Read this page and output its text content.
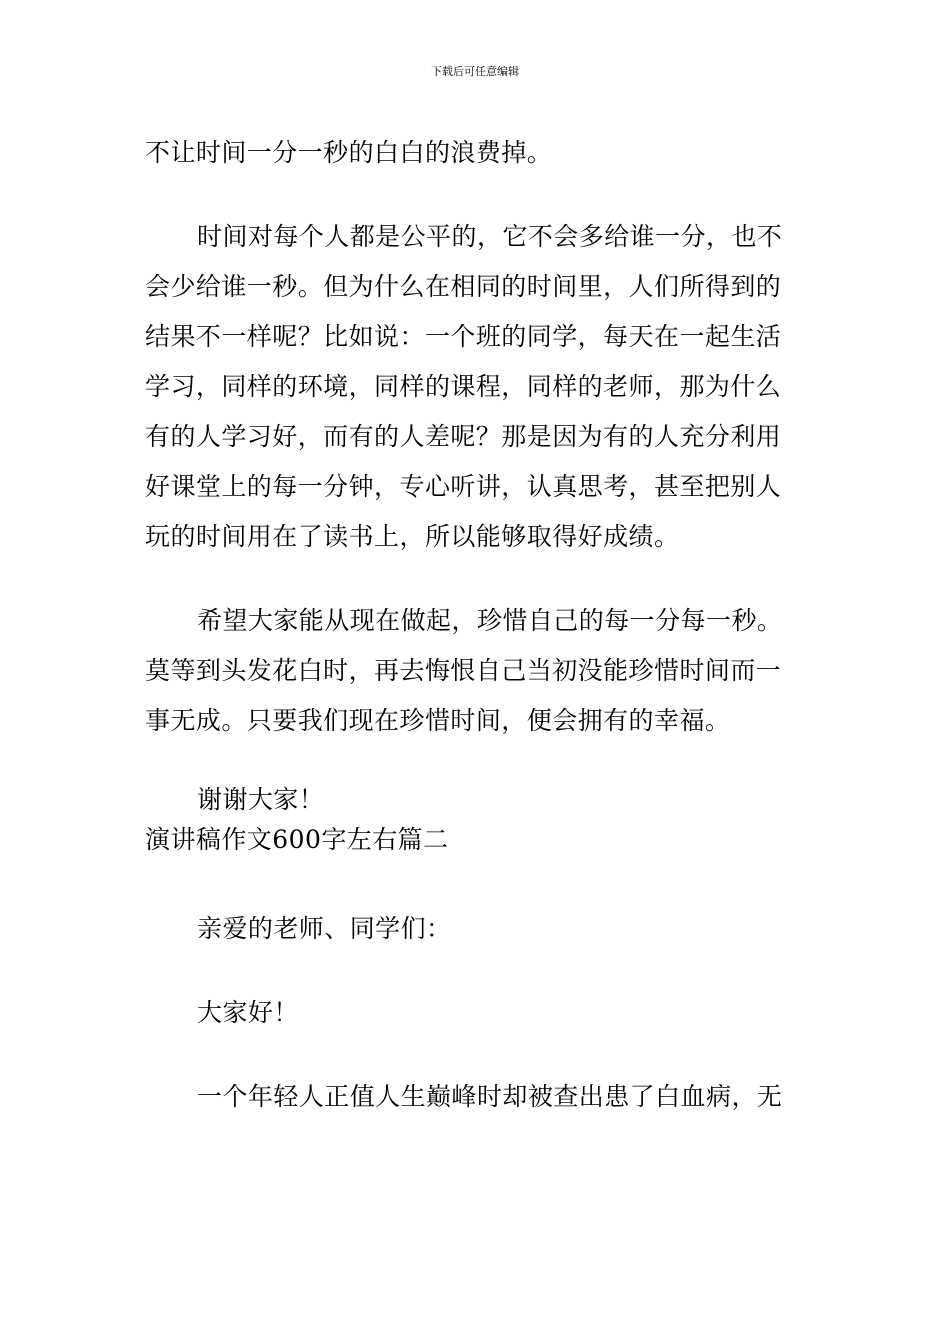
下载后可任意编辑

不让时间一分一秒的白白的浪费掉。

时间对每个人都是公平的，它不会多给谁一分，也不

会少给谁一秒。但为什么在相同的时间里，人们所得到的

结果不一样呢？比如说：一个班的同学，每天在一起生活

学习，同样的环境，同样的课程，同样的老师，那为什么

有的人学习好，而有的人差呢？那是因为有的人充分利用

好课堂上的每一分钟，专心听讲，认真思考，甚至把别人

玩的时间用在了读书上，所以能够取得好成绩。

希望大家能从现在做起，珍惜自己的每一分每一秒。

莫等到头发花白时，再去悔恨自己当初没能珍惜时间而一

事无成。只要我们现在珍惜时间，便会拥有的幸福。

谢谢大家！

演讲稿作文600字左右篇二

亲爱的老师、同学们：

大家好！

一个年轻人正值人生巅峰时却被查出患了白血病，无
